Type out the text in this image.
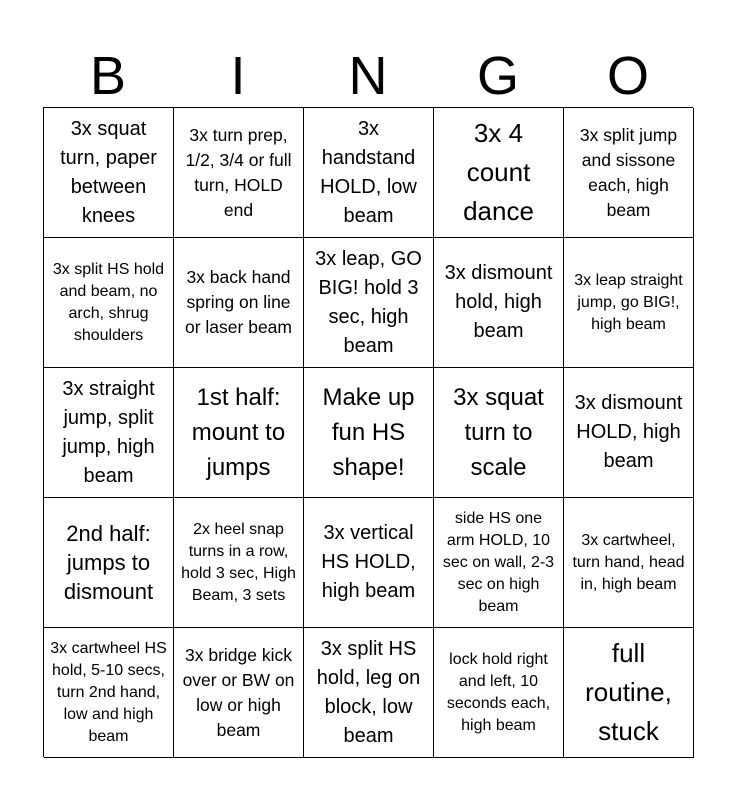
B	I	N	G	O
3x squat turn, paper between knees
3x turn prep, 1/2, 3/4 or full turn, HOLD end
3x handstand HOLD, low beam
3x 4 count dance
3x split jump and sissone each, high beam
3x split HS hold and beam, no arch, shrug shoulders
3x back hand spring on line or laser beam
3x leap, GO BIG! hold 3 sec, high beam
3x dismount hold, high beam
3x leap straight jump, go BIG!, high beam
3x straight jump, split jump, high beam
1st half: mount to jumps
Make up fun HS shape!
3x squat turn to scale
3x dismount HOLD, high beam
2nd half: jumps to dismount
2x heel snap turns in a row, hold 3 sec, High Beam, 3 sets
3x vertical HS HOLD, high beam
side HS one arm HOLD, 10 sec on wall, 2-3 sec on high beam
3x cartwheel, turn hand, head in, high beam
3x cartwheel HS hold, 5-10 secs, turn 2nd hand, low and high beam
3x bridge kick over or BW on low or high beam
3x split HS hold, leg on block, low beam
lock hold right and left, 10 seconds each, high beam
full routine, stuck
